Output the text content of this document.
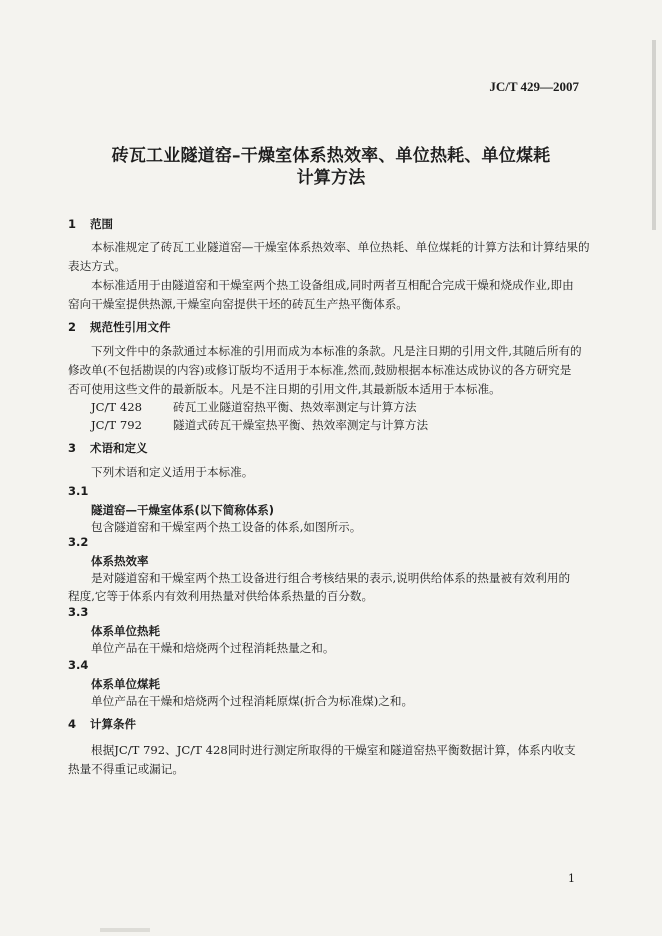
JC/T 429—2007
砖瓦工业隧道窑–干燥室体系热效率、单位热耗、单位煤耗
计算方法
1 范围
本标准规定了砖瓦工业隧道窑—干燥室体系热效率、单位热耗、单位煤耗的计算方法和计算结果的
表达方式。
本标准适用于由隧道窑和干燥室两个热工设备组成,同时两者互相配合完成干燥和烧成作业,即由
窑向干燥室提供热源,干燥室向窑提供干坯的砖瓦生产热平衡体系。
2 规范性引用文件
下列文件中的条款通过本标准的引用而成为本标准的条款。凡是注日期的引用文件,其随后所有的
修改单(不包括勘误的内容)或修订版均不适用于本标准,然而,鼓励根据本标准达成协议的各方研究是
否可使用这些文件的最新版本。凡是不注日期的引用文件,其最新版本适用于本标准。
JC/T 428	砖瓦工业隧道窑热平衡、热效率测定与计算方法
JC/T 792	隧道式砖瓦干燥室热平衡、热效率测定与计算方法
3 术语和定义
下列术语和定义适用于本标准。
3.1
隧道窑—干燥室体系(以下简称体系)
包含隧道窑和干燥室两个热工设备的体系,如图所示。
3.2
体系热效率
是对隧道窑和干燥室两个热工设备进行组合考核结果的表示,说明供给体系的热量被有效利用的
程度,它等于体系内有效利用热量对供给体系热量的百分数。
3.3
体系单位热耗
单位产品在干燥和焙烧两个过程消耗热量之和。
3.4
体系单位煤耗
单位产品在干燥和焙烧两个过程消耗原煤(折合为标准煤)之和。
4 计算条件
根据JC/T 792、JC/T 428同时进行测定所取得的干燥室和隧道窑热平衡数据计算，体系内收支
热量不得重记或漏记。
1
